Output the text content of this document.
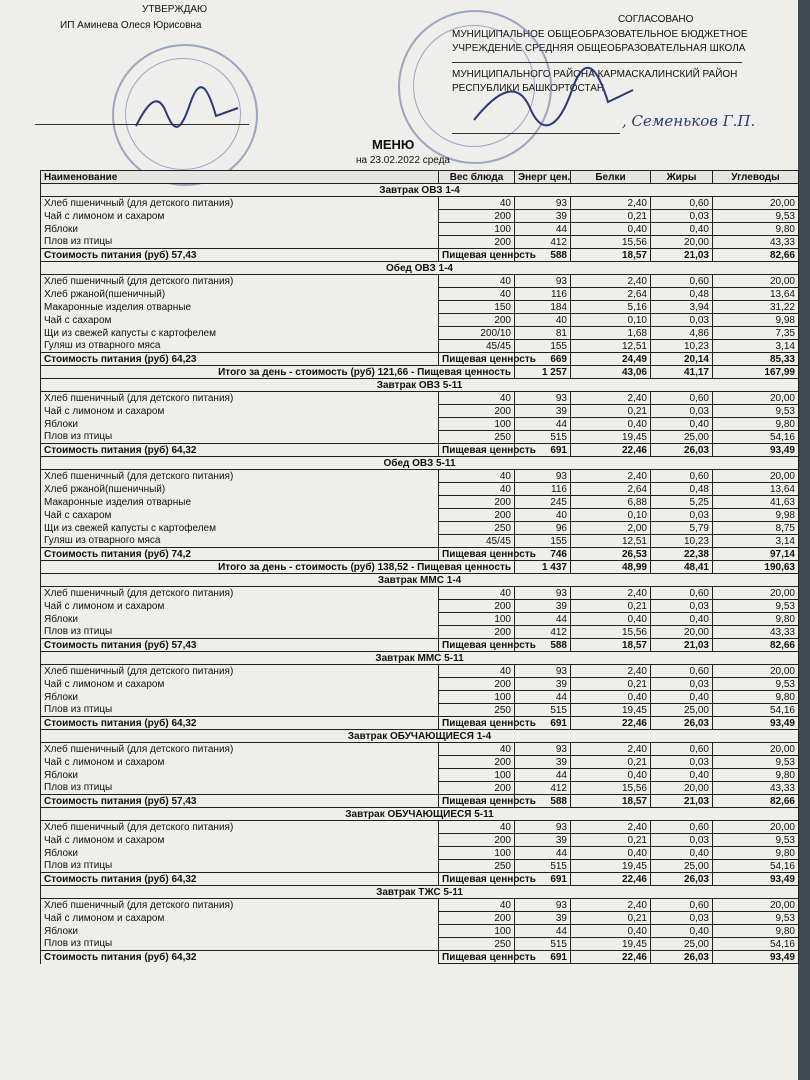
УТВЕРЖДАЮ
ИП Аминева Олеся Юрисовна
СОГЛАСОВАНО
МУНИЦИПАЛЬНОЕ ОБЩЕОБРАЗОВАТЕЛЬНОЕ БЮДЖЕТНОЕ
УЧРЕЖДЕНИЕ СРЕДНЯЯ ОБЩЕОБРАЗОВАТЕЛЬНАЯ ШКОЛА
МУНИЦИПАЛЬНОГО РАЙОНА КАРМАСКАЛИНСКИЙ РАЙОН
РЕСПУБЛИКИ БАШКОРТОСТАН
, Семеньков Г.П.
МЕНЮ
на 23.02.2022 среда
Наименование	Вес блюда	Энерг цен.	Белки	Жиры	Углеводы
Завтрак ОВЗ 1-4					
Хлеб пшеничный (для детского питания)	40	93	2,40	0,60	20,00
Чай с лимоном и сахаром	200	39	0,21	0,03	9,53
Яблоки	100	44	0,40	0,40	9,80
Плов из птицы	200	412	15,56	20,00	43,33
Стоимость питания (руб) 57,43	Пищевая ценность	588	18,57	21,03	82,66
Обед ОВЗ 1-4					
Хлеб пшеничный (для детского питания)	40	93	2,40	0,60	20,00
Хлеб ржаной(пшеничный)	40	116	2,64	0,48	13,64
Макаронные изделия отварные	150	184	5,16	3,94	31,22
Чай с сахаром	200	40	0,10	0,03	9,98
Щи из свежей капусты с картофелем	200/10	81	1,68	4,86	7,35
Гуляш из отварного мяса	45/45	155	12,51	10,23	3,14
Стоимость питания (руб) 64,23	Пищевая ценность	669	24,49	20,14	85,33
Итого за день - стоимость (руб) 121,66 - Пищевая ценность		1 257	43,06	41,17	167,99
Завтрак ОВЗ 5-11					
Хлеб пшеничный (для детского питания)	40	93	2,40	0,60	20,00
Чай с лимоном и сахаром	200	39	0,21	0,03	9,53
Яблоки	100	44	0,40	0,40	9,80
Плов из птицы	250	515	19,45	25,00	54,16
Стоимость питания (руб) 64,32	Пищевая ценность	691	22,46	26,03	93,49
Обед ОВЗ 5-11					
Хлеб пшеничный (для детского питания)	40	93	2,40	0,60	20,00
Хлеб ржаной(пшеничный)	40	116	2,64	0,48	13,64
Макаронные изделия отварные	200	245	6,88	5,25	41,63
Чай с сахаром	200	40	0,10	0,03	9,98
Щи из свежей капусты с картофелем	250	96	2,00	5,79	8,75
Гуляш из отварного мяса	45/45	155	12,51	10,23	3,14
Стоимость питания (руб) 74,2	Пищевая ценность	746	26,53	22,38	97,14
Итого за день - стоимость (руб) 138,52 - Пищевая ценность		1 437	48,99	48,41	190,63
Завтрак ММС 1-4					
Хлеб пшеничный (для детского питания)	40	93	2,40	0,60	20,00
Чай с лимоном и сахаром	200	39	0,21	0,03	9,53
Яблоки	100	44	0,40	0,40	9,80
Плов из птицы	200	412	15,56	20,00	43,33
Стоимость питания (руб) 57,43	Пищевая ценность	588	18,57	21,03	82,66
Завтрак ММС 5-11					
Хлеб пшеничный (для детского питания)	40	93	2,40	0,60	20,00
Чай с лимоном и сахаром	200	39	0,21	0,03	9,53
Яблоки	100	44	0,40	0,40	9,80
Плов из птицы	250	515	19,45	25,00	54,16
Стоимость питания (руб) 64,32	Пищевая ценность	691	22,46	26,03	93,49
Завтрак ОБУЧАЮЩИЕСЯ 1-4					
Хлеб пшеничный (для детского питания)	40	93	2,40	0,60	20,00
Чай с лимоном и сахаром	200	39	0,21	0,03	9,53
Яблоки	100	44	0,40	0,40	9,80
Плов из птицы	200	412	15,56	20,00	43,33
Стоимость питания (руб) 57,43	Пищевая ценность	588	18,57	21,03	82,66
Завтрак ОБУЧАЮЩИЕСЯ 5-11					
Хлеб пшеничный (для детского питания)	40	93	2,40	0,60	20,00
Чай с лимоном и сахаром	200	39	0,21	0,03	9,53
Яблоки	100	44	0,40	0,40	9,80
Плов из птицы	250	515	19,45	25,00	54,16
Стоимость питания (руб) 64,32	Пищевая ценность	691	22,46	26,03	93,49
Завтрак ТЖС 5-11					
Хлеб пшеничный (для детского питания)	40	93	2,40	0,60	20,00
Чай с лимоном и сахаром	200	39	0,21	0,03	9,53
Яблоки	100	44	0,40	0,40	9,80
Плов из птицы	250	515	19,45	25,00	54,16
Стоимость питания (руб) 64,32	Пищевая ценность	691	22,46	26,03	93,49
